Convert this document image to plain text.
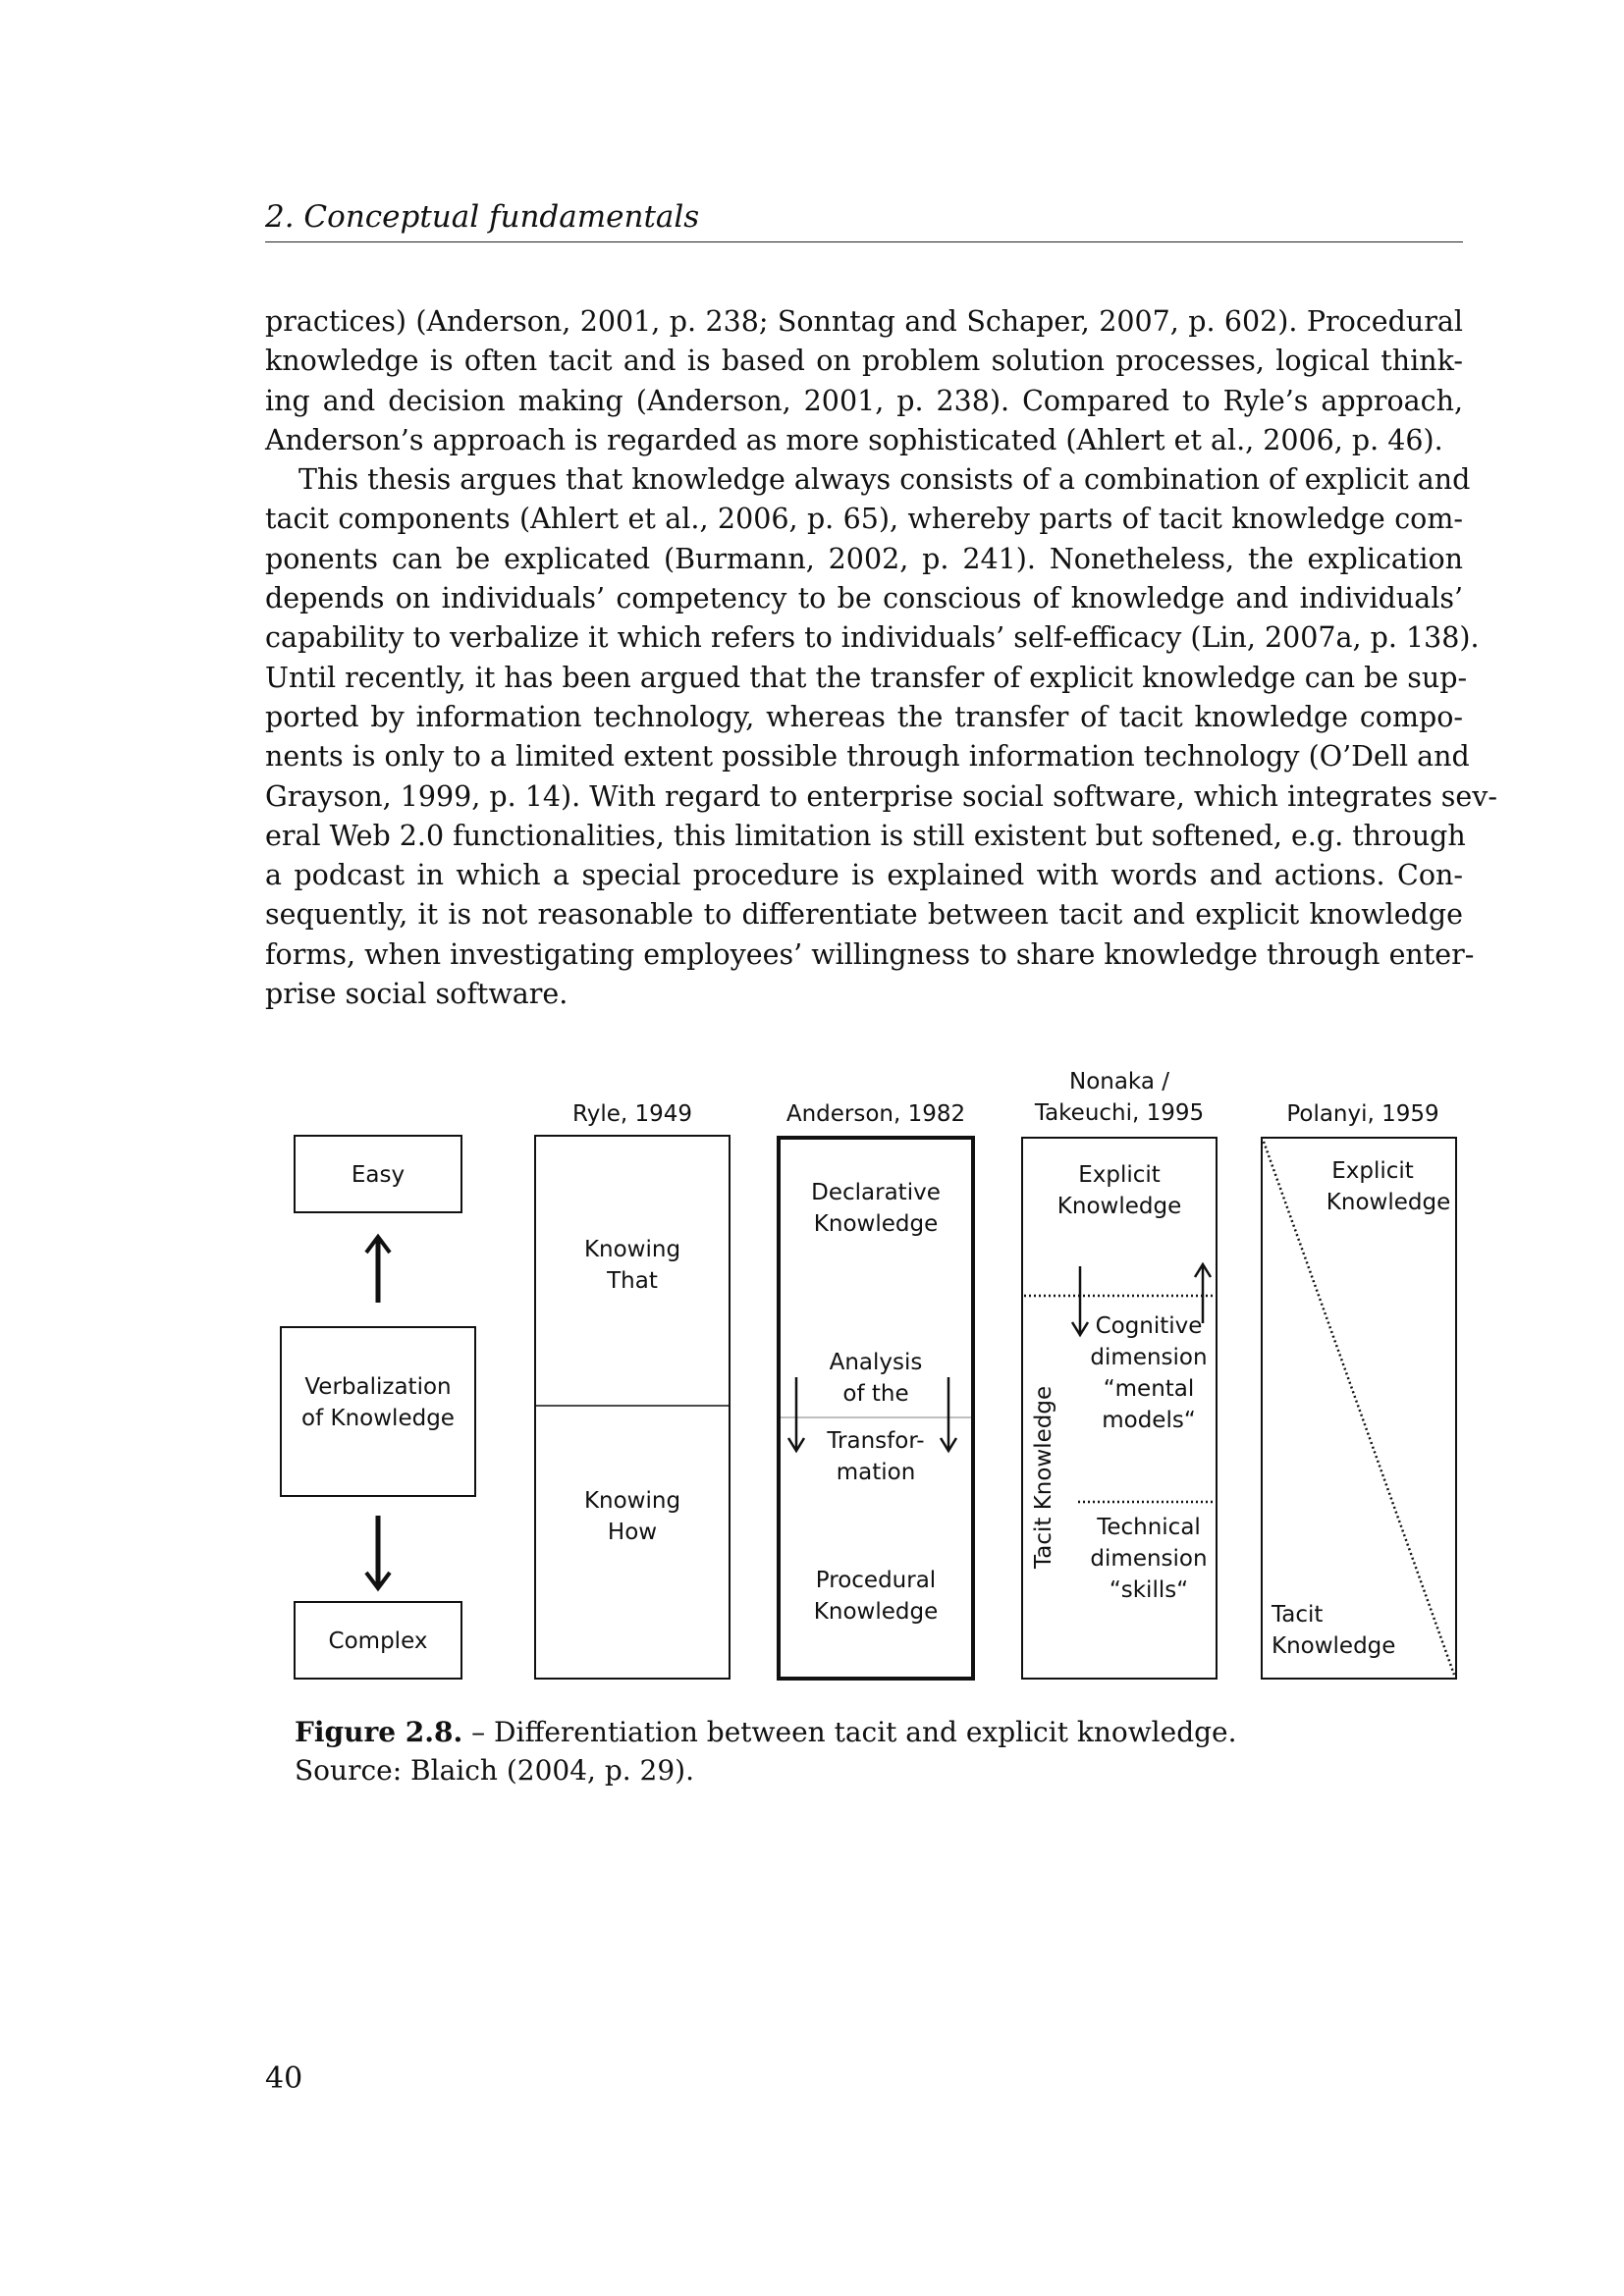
2. Conceptual fundamentals
practices) (Anderson, 2001, p. 238; Sonntag and Schaper, 2007, p. 602). Procedural
knowledge is often tacit and is based on problem solution processes, logical think-
ing and decision making (Anderson, 2001, p. 238). Compared to Ryle’s approach,
Anderson’s approach is regarded as more sophisticated (Ahlert et al., 2006, p. 46).
This thesis argues that knowledge always consists of a combination of explicit and
tacit components (Ahlert et al., 2006, p. 65), whereby parts of tacit knowledge com-
ponents can be explicated (Burmann, 2002, p. 241). Nonetheless, the explication
depends on individuals’ competency to be conscious of knowledge and individuals’
capability to verbalize it which refers to individuals’ self-efficacy (Lin, 2007a, p. 138).
Until recently, it has been argued that the transfer of explicit knowledge can be sup-
ported by information technology, whereas the transfer of tacit knowledge compo-
nents is only to a limited extent possible through information technology (O’Dell and
Grayson, 1999, p. 14). With regard to enterprise social software, which integrates sev-
eral Web 2.0 functionalities, this limitation is still existent but softened, e.g. through
a podcast in which a special procedure is explained with words and actions. Con-
sequently, it is not reasonable to differentiate between tacit and explicit knowledge
forms, when investigating employees’ willingness to share knowledge through enter-
prise social software.
Easy
Verbalization
of Knowledge
Complex
Ryle, 1949
Knowing
That
Knowing
How
Anderson, 1982
Declarative
Knowledge
Analysis
of the
Transfor-
mation
Procedural
Knowledge
Nonaka /
Takeuchi, 1995
Explicit
Knowledge
Tacit Knowledge
Cognitive
dimension
“mental
models“
Technical
dimension
“skills“
Polanyi, 1959
Explicit
Knowledge
Tacit
Knowledge
Figure 2.8. – Differentiation between tacit and explicit knowledge.
Source: Blaich (2004, p. 29).
40
